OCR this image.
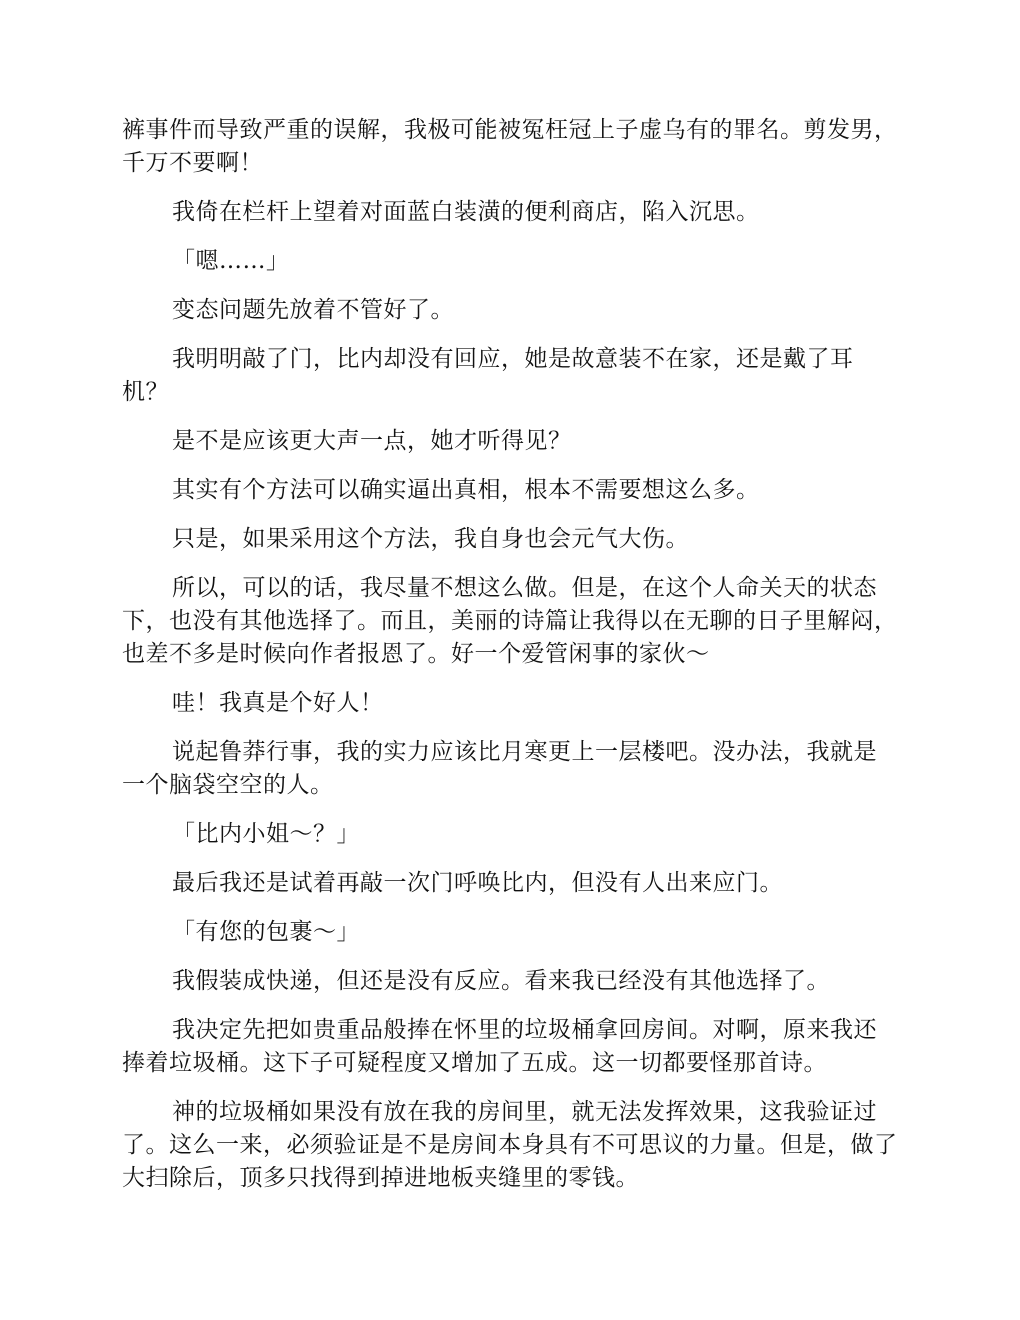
裤事件而导致严重的误解，我极可能被冤枉冠上子虚乌有的罪名。剪发男，千万不要啊！

我倚在栏杆上望着对面蓝白装潢的便利商店，陷入沉思。

「嗯……」

变态问题先放着不管好了。

我明明敲了门，比内却没有回应，她是故意装不在家，还是戴了耳机？

是不是应该更大声一点，她才听得见？

其实有个方法可以确实逼出真相，根本不需要想这么多。

只是，如果采用这个方法，我自身也会元气大伤。

所以，可以的话，我尽量不想这么做。但是，在这个人命关天的状态下，也没有其他选择了。而且，美丽的诗篇让我得以在无聊的日子里解闷，也差不多是时候向作者报恩了。好一个爱管闲事的家伙～

哇！我真是个好人！

说起鲁莽行事，我的实力应该比月寒更上一层楼吧。没办法，我就是一个脑袋空空的人。

「比内小姐～？」

最后我还是试着再敲一次门呼唤比内，但没有人出来应门。

「有您的包裹～」

我假装成快递，但还是没有反应。看来我已经没有其他选择了。

我决定先把如贵重品般捧在怀里的垃圾桶拿回房间。对啊，原来我还捧着垃圾桶。这下子可疑程度又增加了五成。这一切都要怪那首诗。

神的垃圾桶如果没有放在我的房间里，就无法发挥效果，这我验证过了。这么一来，必须验证是不是房间本身具有不可思议的力量。但是，做了大扫除后，顶多只找得到掉进地板夹缝里的零钱。
